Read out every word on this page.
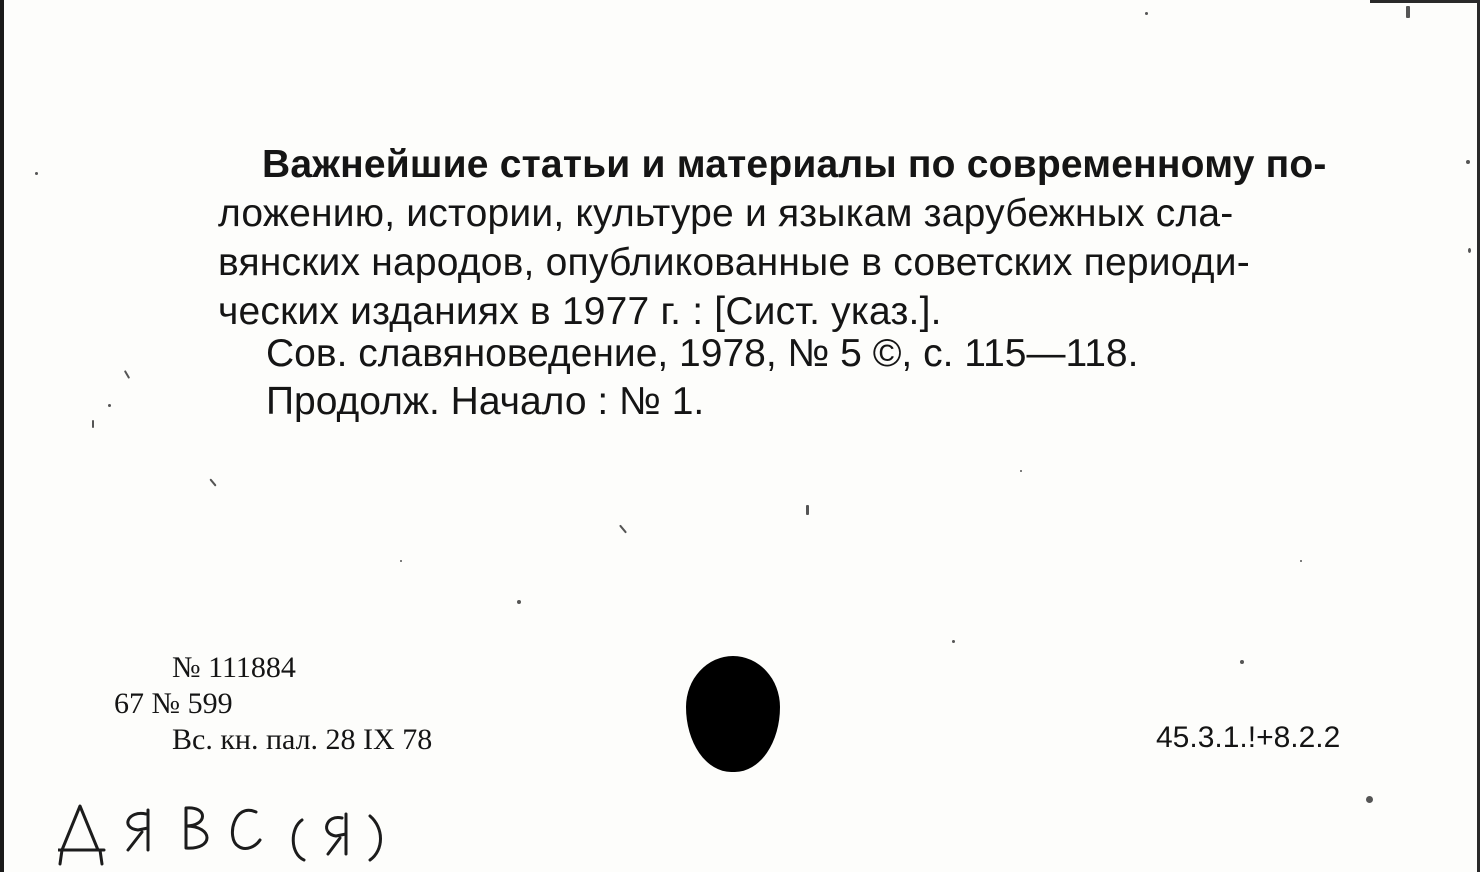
Важнейшие статьи и материалы по современному по-
ложению, истории, культуре и языкам зарубежных сла-
вянских народов, опубликованные в советских периоди-
ческих изданиях в 1977 г. : [Сист. указ.].
Сов. славяноведение, 1978, № 5 ©, с. 115—118.
Продолж. Начало : № 1.
№ 111884
67 № 599
Вс. кн. пал. 28 IX 78	45.3.1.!+8.2.2
